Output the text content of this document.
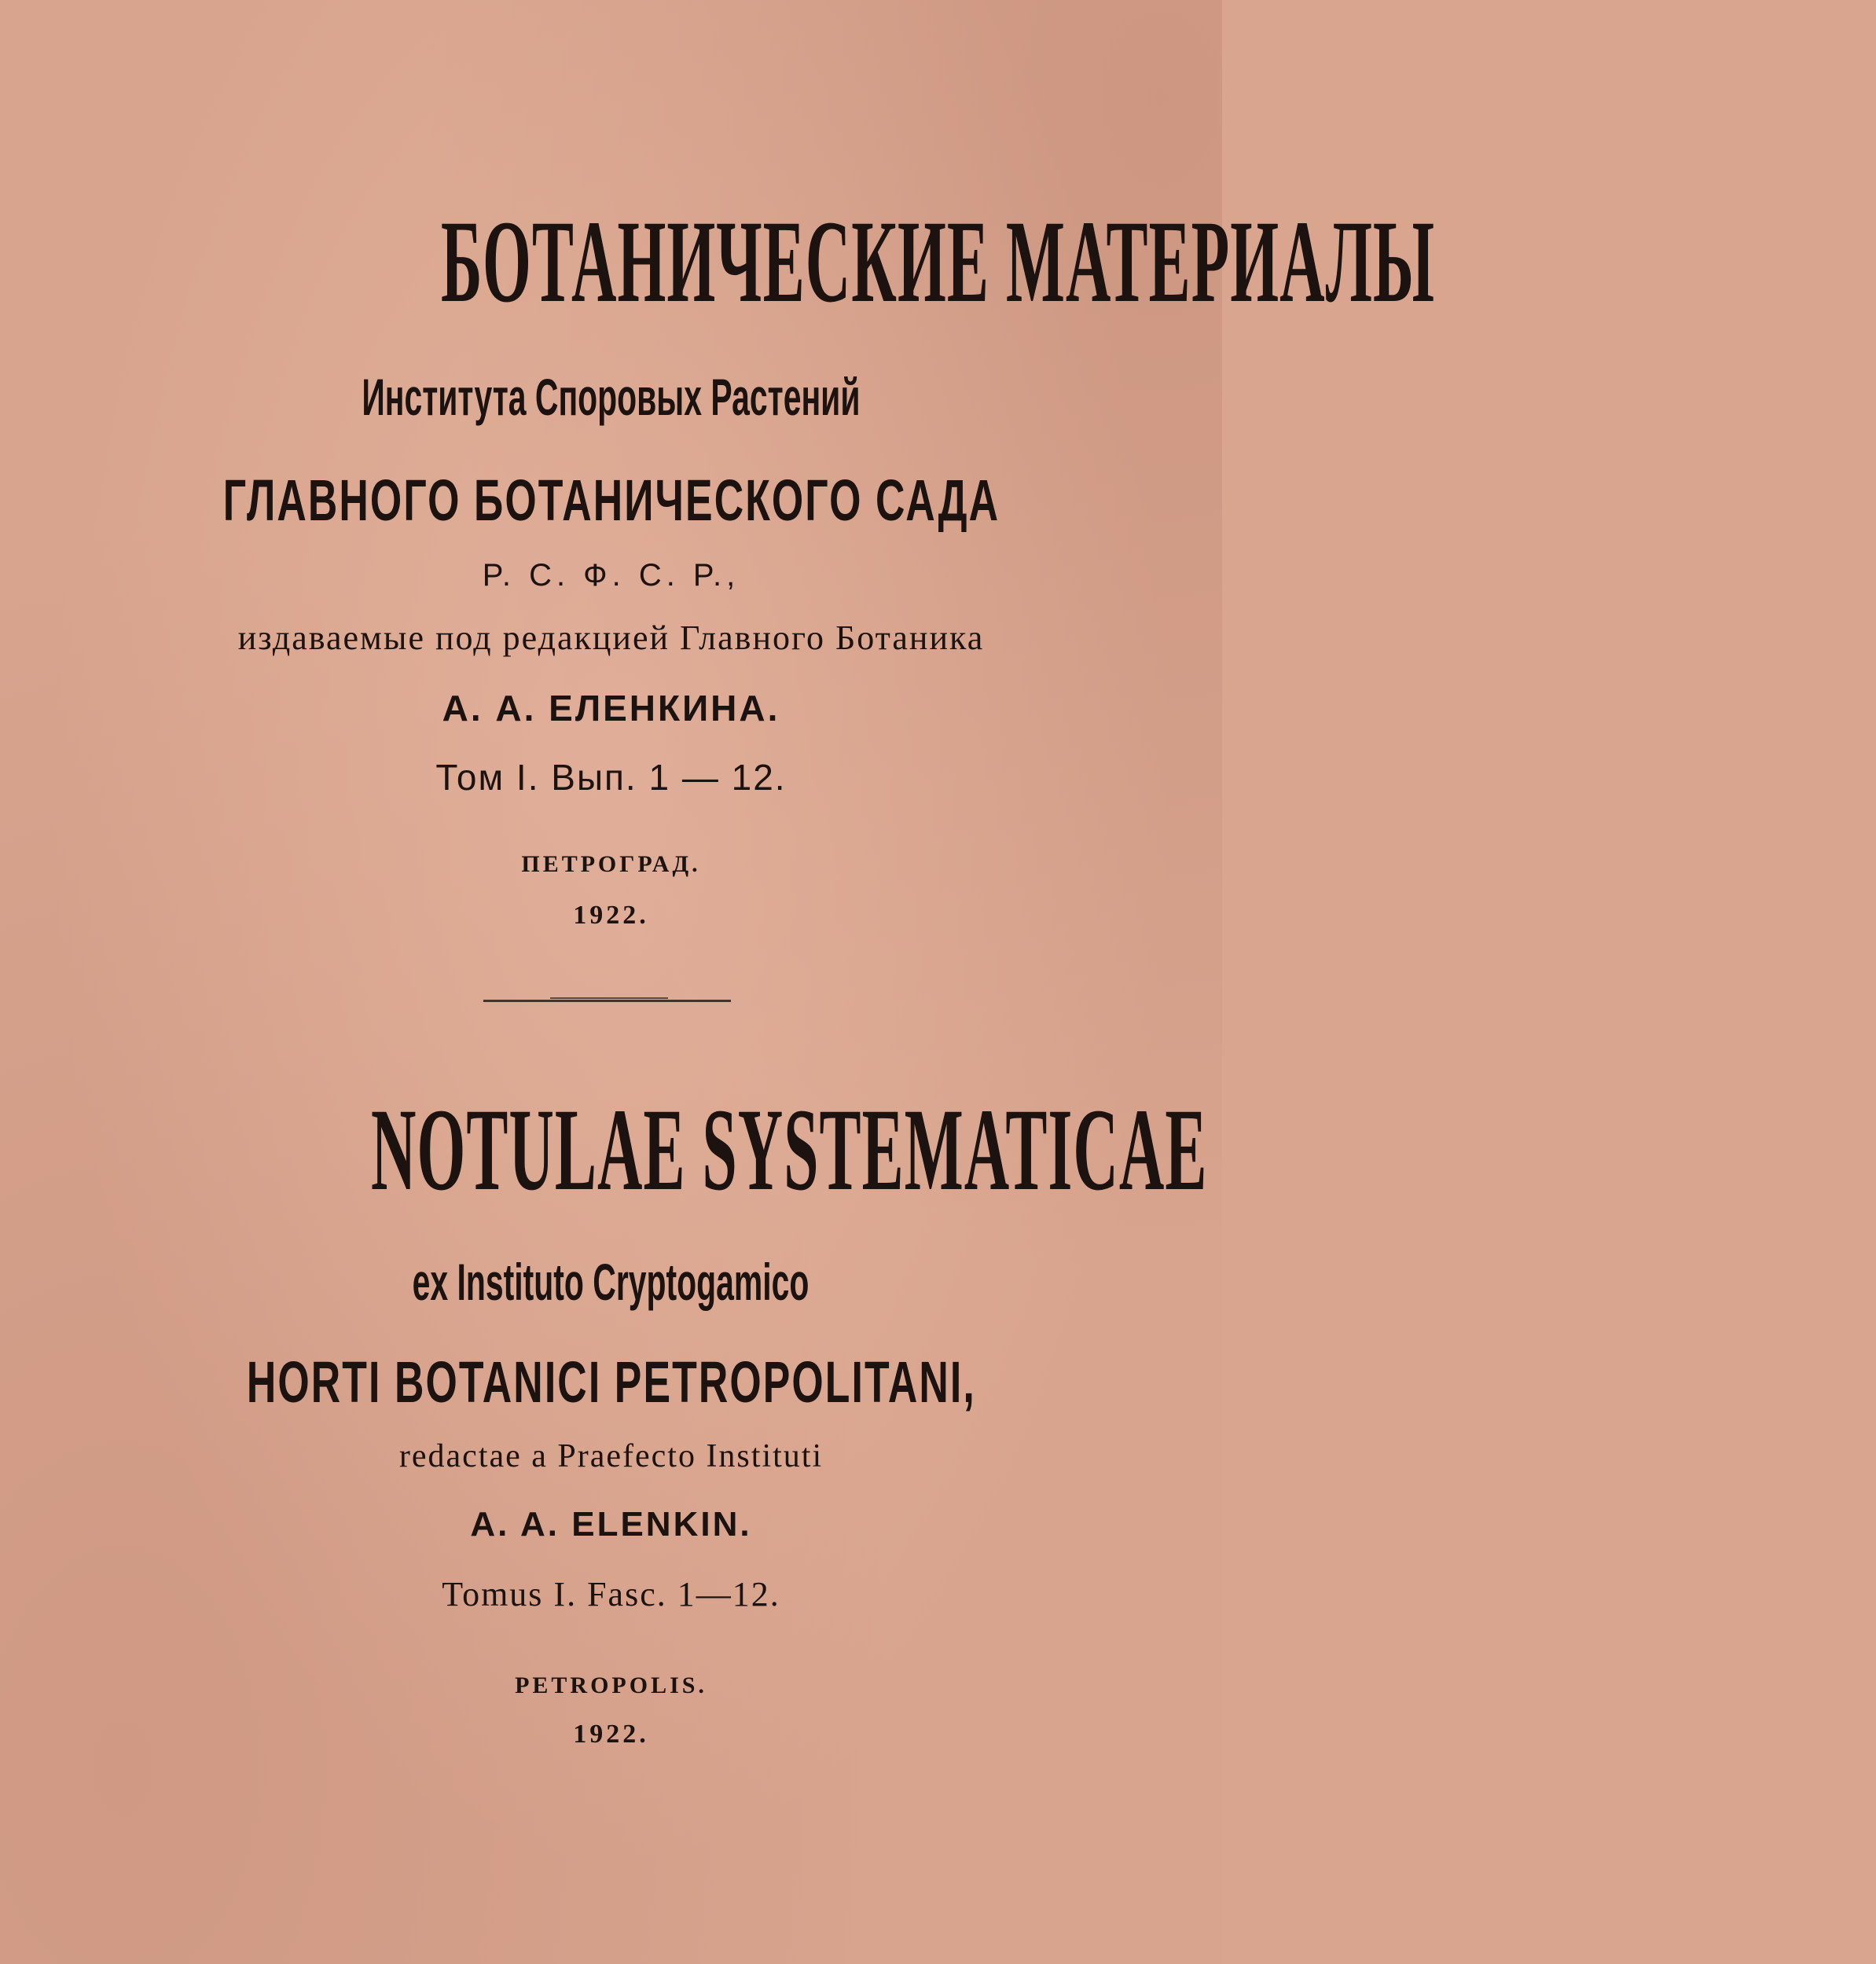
БОТАНИЧЕСКИЕ МАТЕРИАЛЫ
Института Споровых Растений
ГЛАВНОГО БОТАНИЧЕСКОГО САДА
Р. С. Ф. С. Р.,
издаваемые под редакцией Главного Ботаника
А. А. ЕЛЕНКИНА.
Том I. Вып. 1 — 12.
ПЕТРОГРАД.
1922.
NOTULAE SYSTEMATICAE
ex Instituto Cryptogamico
HORTI BOTANICI PETROPOLITANI,
redactae a Praefecto Instituti
A. A. ELENKIN.
Tomus I. Fasc. 1—12.
PETROPOLIS.
1922.
